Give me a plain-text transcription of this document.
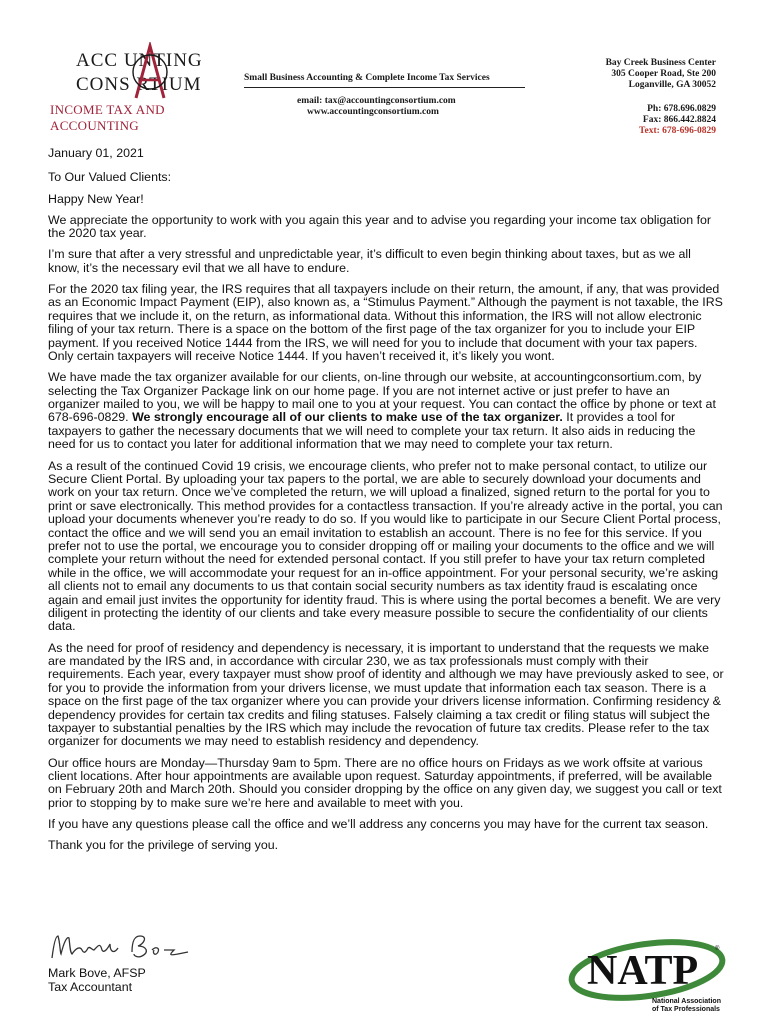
ACC UNTING
CONS RTIUM
INCOME TAX AND ACCOUNTING
Small Business Accounting & Complete Income Tax Services
email: tax@accountingconsortium.com
www.accountingconsortium.com
Bay Creek Business Center
305 Cooper Road, Ste 200
Loganville, GA 30052
Ph: 678.696.0829
Fax: 866.442.8824
Text: 678-696-0829

January 01, 2021

To Our Valued Clients:

Happy New Year!

We appreciate the opportunity to work with you again this year and to advise you regarding your income tax obligation for the 2020 tax year.

I’m sure that after a very stressful and unpredictable year, it’s difficult to even begin thinking about taxes, but as we all know, it’s the necessary evil that we all have to endure.

For the 2020 tax filing year, the IRS requires that all taxpayers include on their return, the amount, if any, that was provided as an Economic Impact Payment (EIP), also known as, a “Stimulus Payment.” Although the payment is not taxable, the IRS requires that we include it, on the return, as informational data. Without this information, the IRS will not allow electronic filing of your tax return. There is a space on the bottom of the first page of the tax organizer for you to include your EIP payment. If you received Notice 1444 from the IRS, we will need for you to include that document with your tax papers. Only certain taxpayers will receive Notice 1444. If you haven’t received it, it’s likely you wont.

We have made the tax organizer available for our clients, on-line through our website, at accountingconsortium.com, by selecting the Tax Organizer Package link on our home page. If you are not internet active or just prefer to have an organizer mailed to you, we will be happy to mail one to you at your request. You can contact the office by phone or text at 678-696-0829. We strongly encourage all of our clients to make use of the tax organizer. It provides a tool for taxpayers to gather the necessary documents that we will need to complete your tax return. It also aids in reducing the need for us to contact you later for additional information that we may need to complete your tax return.

As a result of the continued Covid 19 crisis, we encourage clients, who prefer not to make personal contact, to utilize our Secure Client Portal. By uploading your tax papers to the portal, we are able to securely download your documents and work on your tax return. Once we’ve completed the return, we will upload a finalized, signed return to the portal for you to print or save electronically. This method provides for a contactless transaction. If you’re already active in the portal, you can upload your documents whenever you’re ready to do so. If you would like to participate in our Secure Client Portal process, contact the office and we will send you an email invitation to establish an account. There is no fee for this service. If you prefer not to use the portal, we encourage you to consider dropping off or mailing your documents to the office and we will complete your return without the need for extended personal contact. If you still prefer to have your tax return completed while in the office, we will accommodate your request for an in-office appointment. For your personal security, we’re asking all clients not to email any documents to us that contain social security numbers as tax identity fraud is escalating once again and email just invites the opportunity for identity fraud. This is where using the portal becomes a benefit. We are very diligent in protecting the identity of our clients and take every measure possible to secure the confidentiality of our clients data.

As the need for proof of residency and dependency is necessary, it is important to understand that the requests we make are mandated by the IRS and, in accordance with circular 230, we as tax professionals must comply with their requirements. Each year, every taxpayer must show proof of identity and although we may have previously asked to see, or for you to provide the information from your drivers license, we must update that information each tax season. There is a space on the first page of the tax organizer where you can provide your drivers license information. Confirming residency & dependency provides for certain tax credits and filing statuses. Falsely claiming a tax credit or filing status will subject the taxpayer to substantial penalties by the IRS which may include the revocation of future tax credits. Please refer to the tax organizer for documents we may need to establish residency and dependency.

Our office hours are Monday—Thursday 9am to 5pm. There are no office hours on Fridays as we work offsite at various client locations. After hour appointments are available upon request. Saturday appointments, if preferred, will be available on February 20th and March 20th. Should you consider dropping by the office on any given day, we suggest you call or text prior to stopping by to make sure we’re here and available to meet with you.

If you have any questions please call the office and we’ll address any concerns you may have for the current tax season.

Thank you for the privilege of serving you.

Mark Bove, AFSP
Tax Accountant	NATP	®
National Association
of Tax Professionals
